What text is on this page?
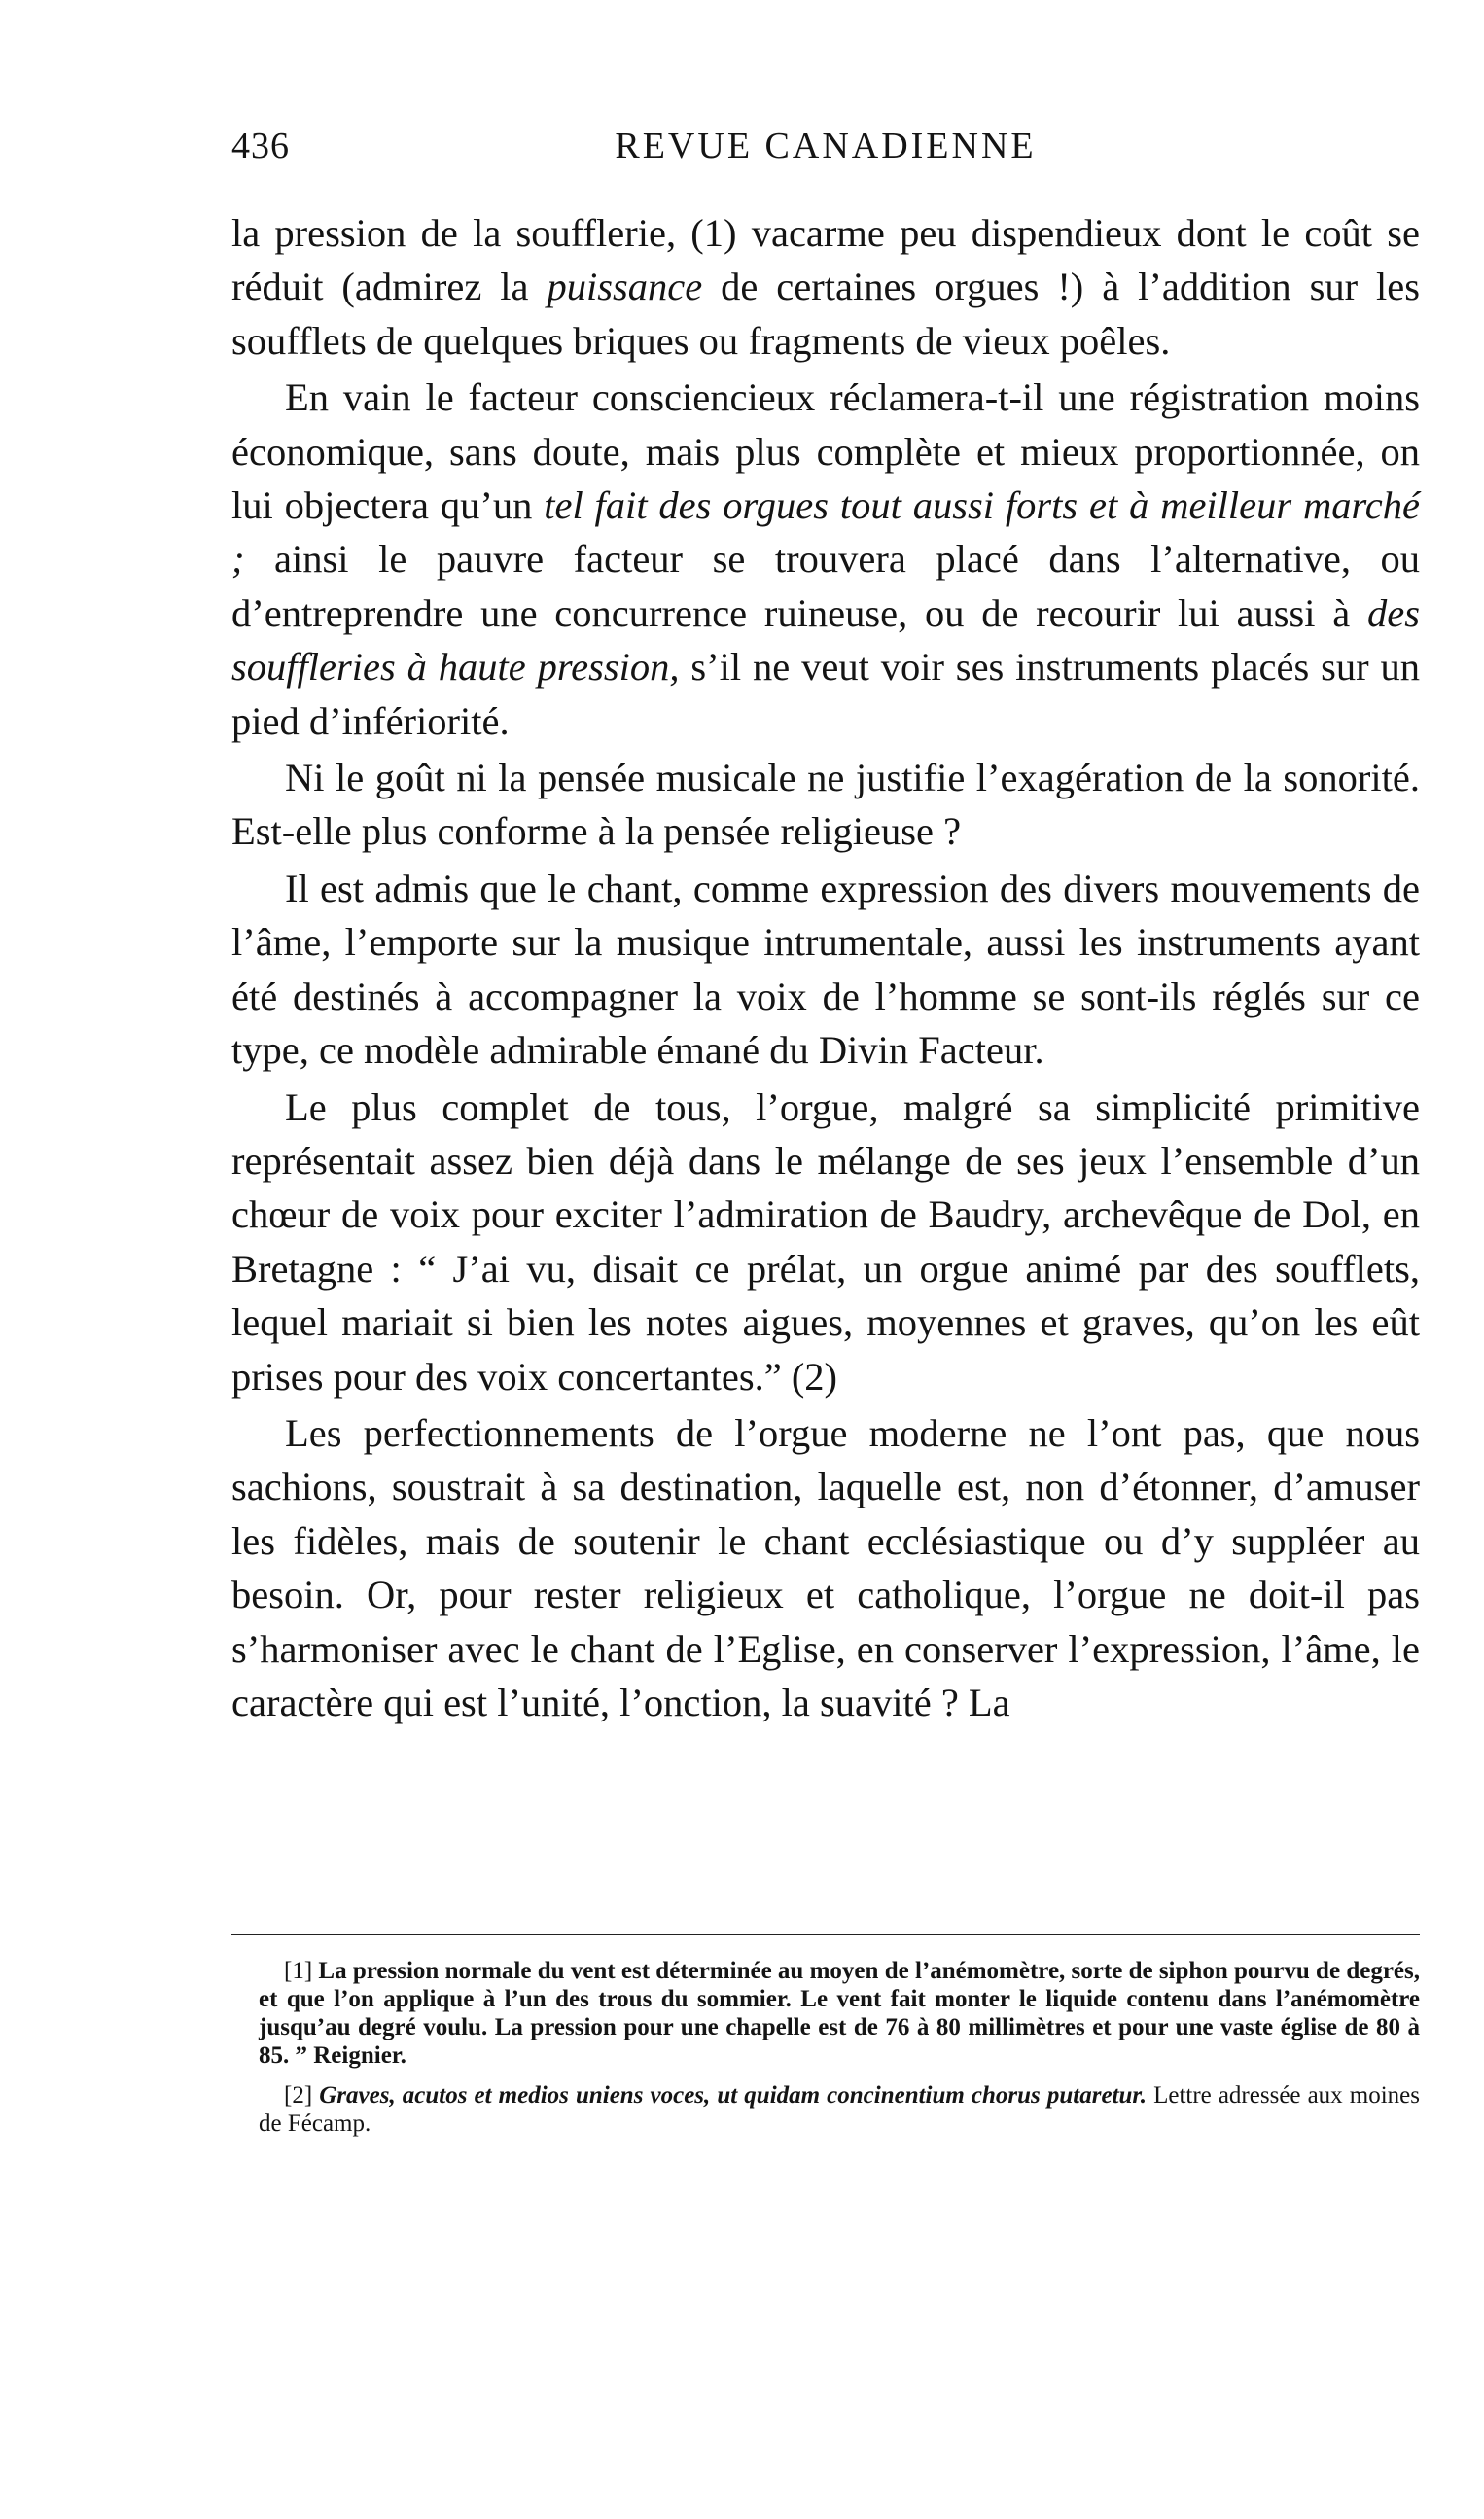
436	REVUE CANADIENNE

la pression de la soufflerie, (1) vacarme peu dispendieux dont le coût se réduit (admirez la puissance de certaines orgues !) à l’addition sur les soufflets de quelques briques ou fragments de vieux poêles.

En vain le facteur consciencieux réclamera-t-il une régistration moins économique, sans doute, mais plus complète et mieux proportionnée, on lui objectera qu’un tel fait des orgues tout aussi forts et à meilleur marché ; ainsi le pauvre facteur se trouvera placé dans l’alternative, ou d’entreprendre une concurrence ruineuse, ou de recourir lui aussi à des souffleries à haute pression, s’il ne veut voir ses instruments placés sur un pied d’infériorité.

Ni le goût ni la pensée musicale ne justifie l’exagération de la sonorité. Est-elle plus conforme à la pensée religieuse ?

Il est admis que le chant, comme expression des divers mouvements de l’âme, l’emporte sur la musique intrumentale, aussi les instruments ayant été destinés à accompagner la voix de l’homme se sont-ils réglés sur ce type, ce modèle admirable émané du Divin Facteur.

Le plus complet de tous, l’orgue, malgré sa simplicité primitive représentait assez bien déjà dans le mélange de ses jeux l’ensemble d’un chœur de voix pour exciter l’admiration de Baudry, archevêque de Dol, en Bretagne : “ J’ai vu, disait ce prélat, un orgue animé par des soufflets, lequel mariait si bien les notes aigues, moyennes et graves, qu’on les eût prises pour des voix concertantes.” (2)

Les perfectionnements de l’orgue moderne ne l’ont pas, que nous sachions, soustrait à sa destination, laquelle est, non d’étonner, d’amuser les fidèles, mais de soutenir le chant ecclésiastique ou d’y suppléer au besoin. Or, pour rester religieux et catholique, l’orgue ne doit-il pas s’harmoniser avec le chant de l’Eglise, en conserver l’expression, l’âme, le caractère qui est l’unité, l’onction, la suavité ? La

[1] La pression normale du vent est déterminée au moyen de l’anémomètre, sorte de siphon pourvu de degrés, et que l’on applique à l’un des trous du sommier. Le vent fait monter le liquide contenu dans l’anémomètre jusqu’au degré voulu. La pression pour une chapelle est de 76 à 80 millimètres et pour une vaste église de 80 à 85. ” Reignier.

[2] Graves, acutos et medios uniens voces, ut quidam concinentium chorus putaretur. Lettre adressée aux moines de Fécamp.
